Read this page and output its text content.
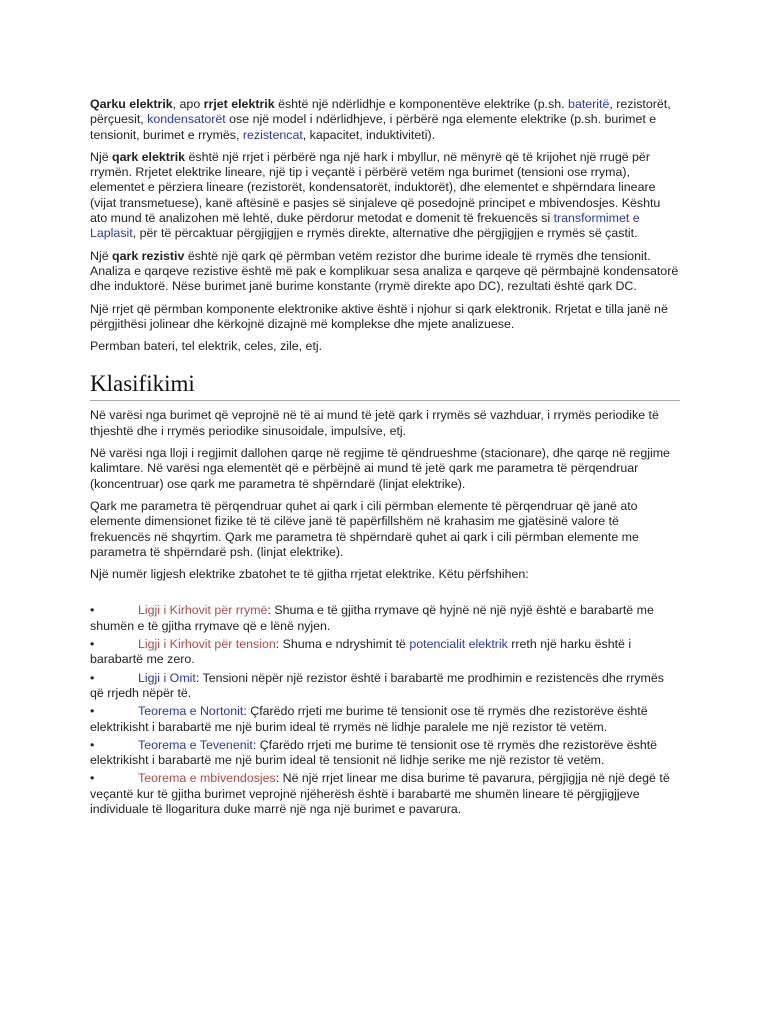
Qarku elektrik, apo rrjet elektrik është një ndërlidhje e komponentëve elektrike (p.sh. bateritë, rezistorët, përçuesit, kondensatorët ose një model i ndërlidhjeve, i përbërë nga elemente elektrike (p.sh. burimet e tensionit, burimet e rrymës, rezistencat, kapacitet, induktiviteti).

Një qark elektrik është një rrjet i përbërë nga një hark i mbyllur, në mënyrë që të krijohet një rrugë për rrymën. Rrjetet elektrike lineare, një tip i veçantë i përbërë vetëm nga burimet (tensioni ose rryma), elementet e përziera lineare (rezistorët, kondensatorët, induktorët), dhe elementet e shpërndara lineare (vijat transmetuese), kanë aftësinë e pasjes së sinjaleve që posedojnë principet e mbivendosjes. Kështu ato mund të analizohen më lehtë, duke përdorur metodat e domenit të frekuencës si transformimet e Laplasit, për të përcaktuar përgjigjjen e rrymës direkte, alternative dhe përgjigjjen e rrymës së çastit.

Një qark rezistiv është një qark që përmban vetëm rezistor dhe burime ideale të rrymës dhe tensionit. Analiza e qarqeve rezistive është më pak e komplikuar sesa analiza e qarqeve që përmbajnë kondensatorë dhe induktorë. Nëse burimet janë burime konstante (rrymë direkte apo DC), rezultati është qark DC.

Një rrjet që përmban komponente elektronike aktive është i njohur si qark elektronik. Rrjetat e tilla janë në përgjithësi jolinear dhe kërkojnë dizajnë më komplekse dhe mjete analizuese.

Permban bateri, tel elektrik, celes, zile, etj.

Klasifikimi

Në varësi nga burimet që veprojnë në të ai mund të jetë qark i rrymës së vazhduar, i rrymës periodike të thjeshtë dhe i rrymës periodike sinusoidale, impulsive, etj.

Në varësi nga lloji i regjimit dallohen qarqe në regjime të qëndrueshme (stacionare), dhe qarqe në regjime kalimtare. Në varësi nga elementët që e përbëjnë ai mund të jetë qark me parametra të përqendruar (koncentruar) ose qark me parametra të shpërndarë (linjat elektrike).

Qark me parametra të përqendruar quhet ai qark i cili përmban elemente të përqendruar që janë ato elemente dimensionet fizike të të cilëve janë të papërfillshëm në krahasim me gjatësinë valore të frekuencës në shqyrtim. Qark me parametra të shpërndarë quhet ai qark i cili përmban elemente me parametra të shpërndarë psh. (linjat elektrike).

Një numër ligjesh elektrike zbatohet te të gjitha rrjetat elektrike. Këtu përfshihen:

•	Ligji i Kirhovit për rrymë: Shuma e të gjitha rrymave që hyjnë në një nyjë është e barabartë me shumën e të gjitha rrymave që e lënë nyjen.
•	Ligji i Kirhovit për tension: Shuma e ndryshimit të potencialit elektrik rreth një harku është i barabartë me zero.
•	Ligji i Omit: Tensioni nëpër një rezistor është i barabartë me prodhimin e rezistencës dhe rrymës që rrjedh nëpër të.
•	Teorema e Nortonit: Çfarëdo rrjeti me burime të tensionit ose të rrymës dhe rezistorëve është elektrikisht i barabartë me një burim ideal të rrymës në lidhje paralele me një rezistor të vetëm.
•	Teorema e Tevenenit: Çfarëdo rrjeti me burime të tensionit ose të rrymës dhe rezistorëve është elektrikisht i barabartë me një burim ideal të tensionit në lidhje serike me një rezistor të vetëm.
•	Teorema e mbivendosjes: Në një rrjet linear me disa burime të pavarura, përgjigjja në një degë të veçantë kur të gjitha burimet veprojnë njëherësh është i barabartë me shumën lineare të përgjigjjeve individuale të llogaritura duke marrë një nga një burimet e pavarura.
